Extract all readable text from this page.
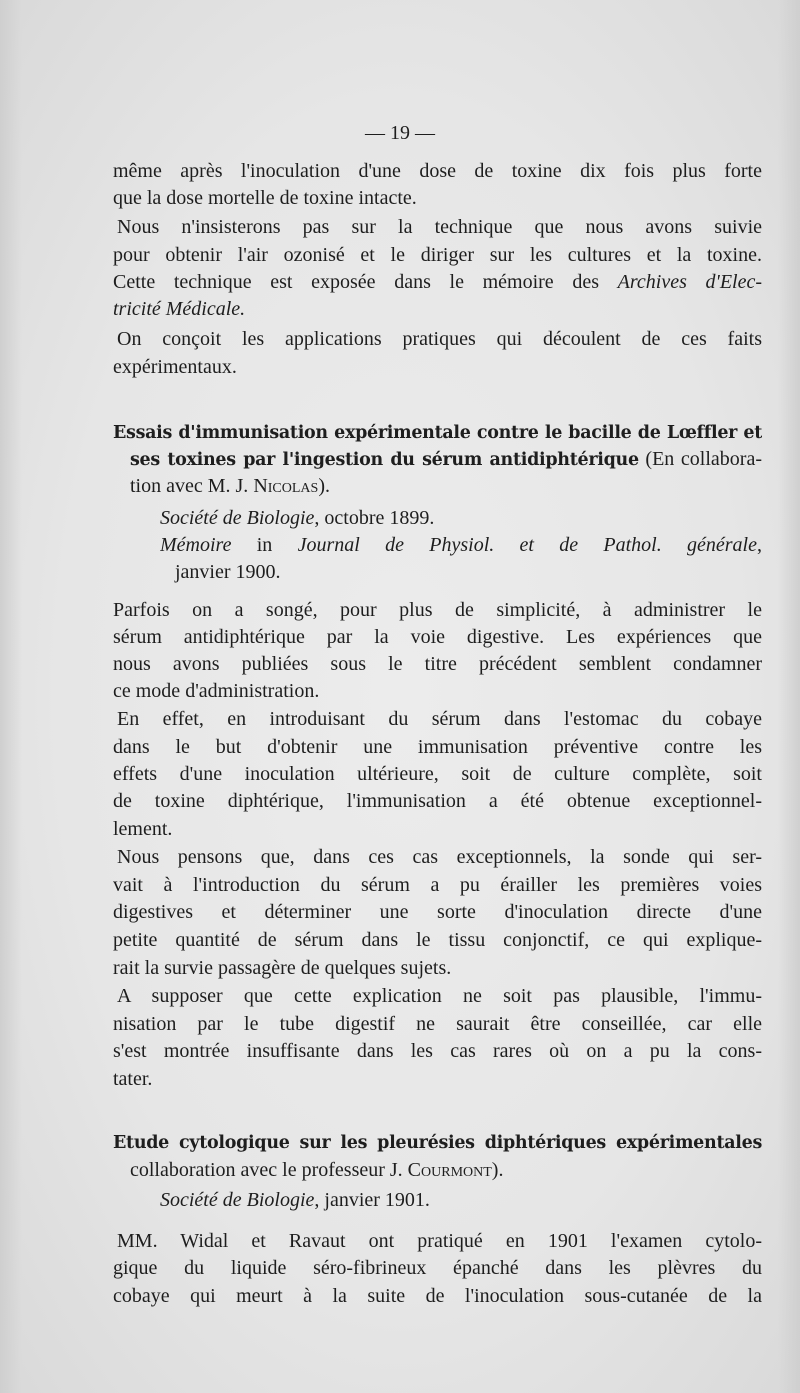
— 19 —
même après l'inoculation d'une dose de toxine dix fois plus forte
que la dose mortelle de toxine intacte.
Nous n'insisterons pas sur la technique que nous avons suivie
pour obtenir l'air ozonisé et le diriger sur les cultures et la toxine.
Cette technique est exposée dans le mémoire des Archives d'Elec-
tricité Médicale.
On conçoit les applications pratiques qui découlent de ces faits
expérimentaux.
Essais d'immunisation expérimentale contre le bacille de Lœffler et
ses toxines par l'ingestion du sérum antidiphtérique (En collabora-
tion avec M. J. Nicolas).
Société de Biologie, octobre 1899.
Mémoire in Journal de Physiol. et de Pathol. générale,
janvier 1900.
Parfois on a songé, pour plus de simplicité, à administrer le
sérum antidiphtérique par la voie digestive. Les expériences que
nous avons publiées sous le titre précédent semblent condamner
ce mode d'administration.
En effet, en introduisant du sérum dans l'estomac du cobaye
dans le but d'obtenir une immunisation préventive contre les
effets d'une inoculation ultérieure, soit de culture complète, soit
de toxine diphtérique, l'immunisation a été obtenue exceptionnel-
lement.
Nous pensons que, dans ces cas exceptionnels, la sonde qui ser-
vait à l'introduction du sérum a pu érailler les premières voies
digestives et déterminer une sorte d'inoculation directe d'une
petite quantité de sérum dans le tissu conjonctif, ce qui explique-
rait la survie passagère de quelques sujets.
A supposer que cette explication ne soit pas plausible, l'immu-
nisation par le tube digestif ne saurait être conseillée, car elle
s'est montrée insuffisante dans les cas rares où on a pu la cons-
tater.
Etude cytologique sur les pleurésies diphtériques expérimentales
collaboration avec le professeur J. Courmont).
Société de Biologie, janvier 1901.
MM. Widal et Ravaut ont pratiqué en 1901 l'examen cytolo-
gique du liquide séro-fibrineux épanché dans les plèvres du
cobaye qui meurt à la suite de l'inoculation sous-cutanée de la
